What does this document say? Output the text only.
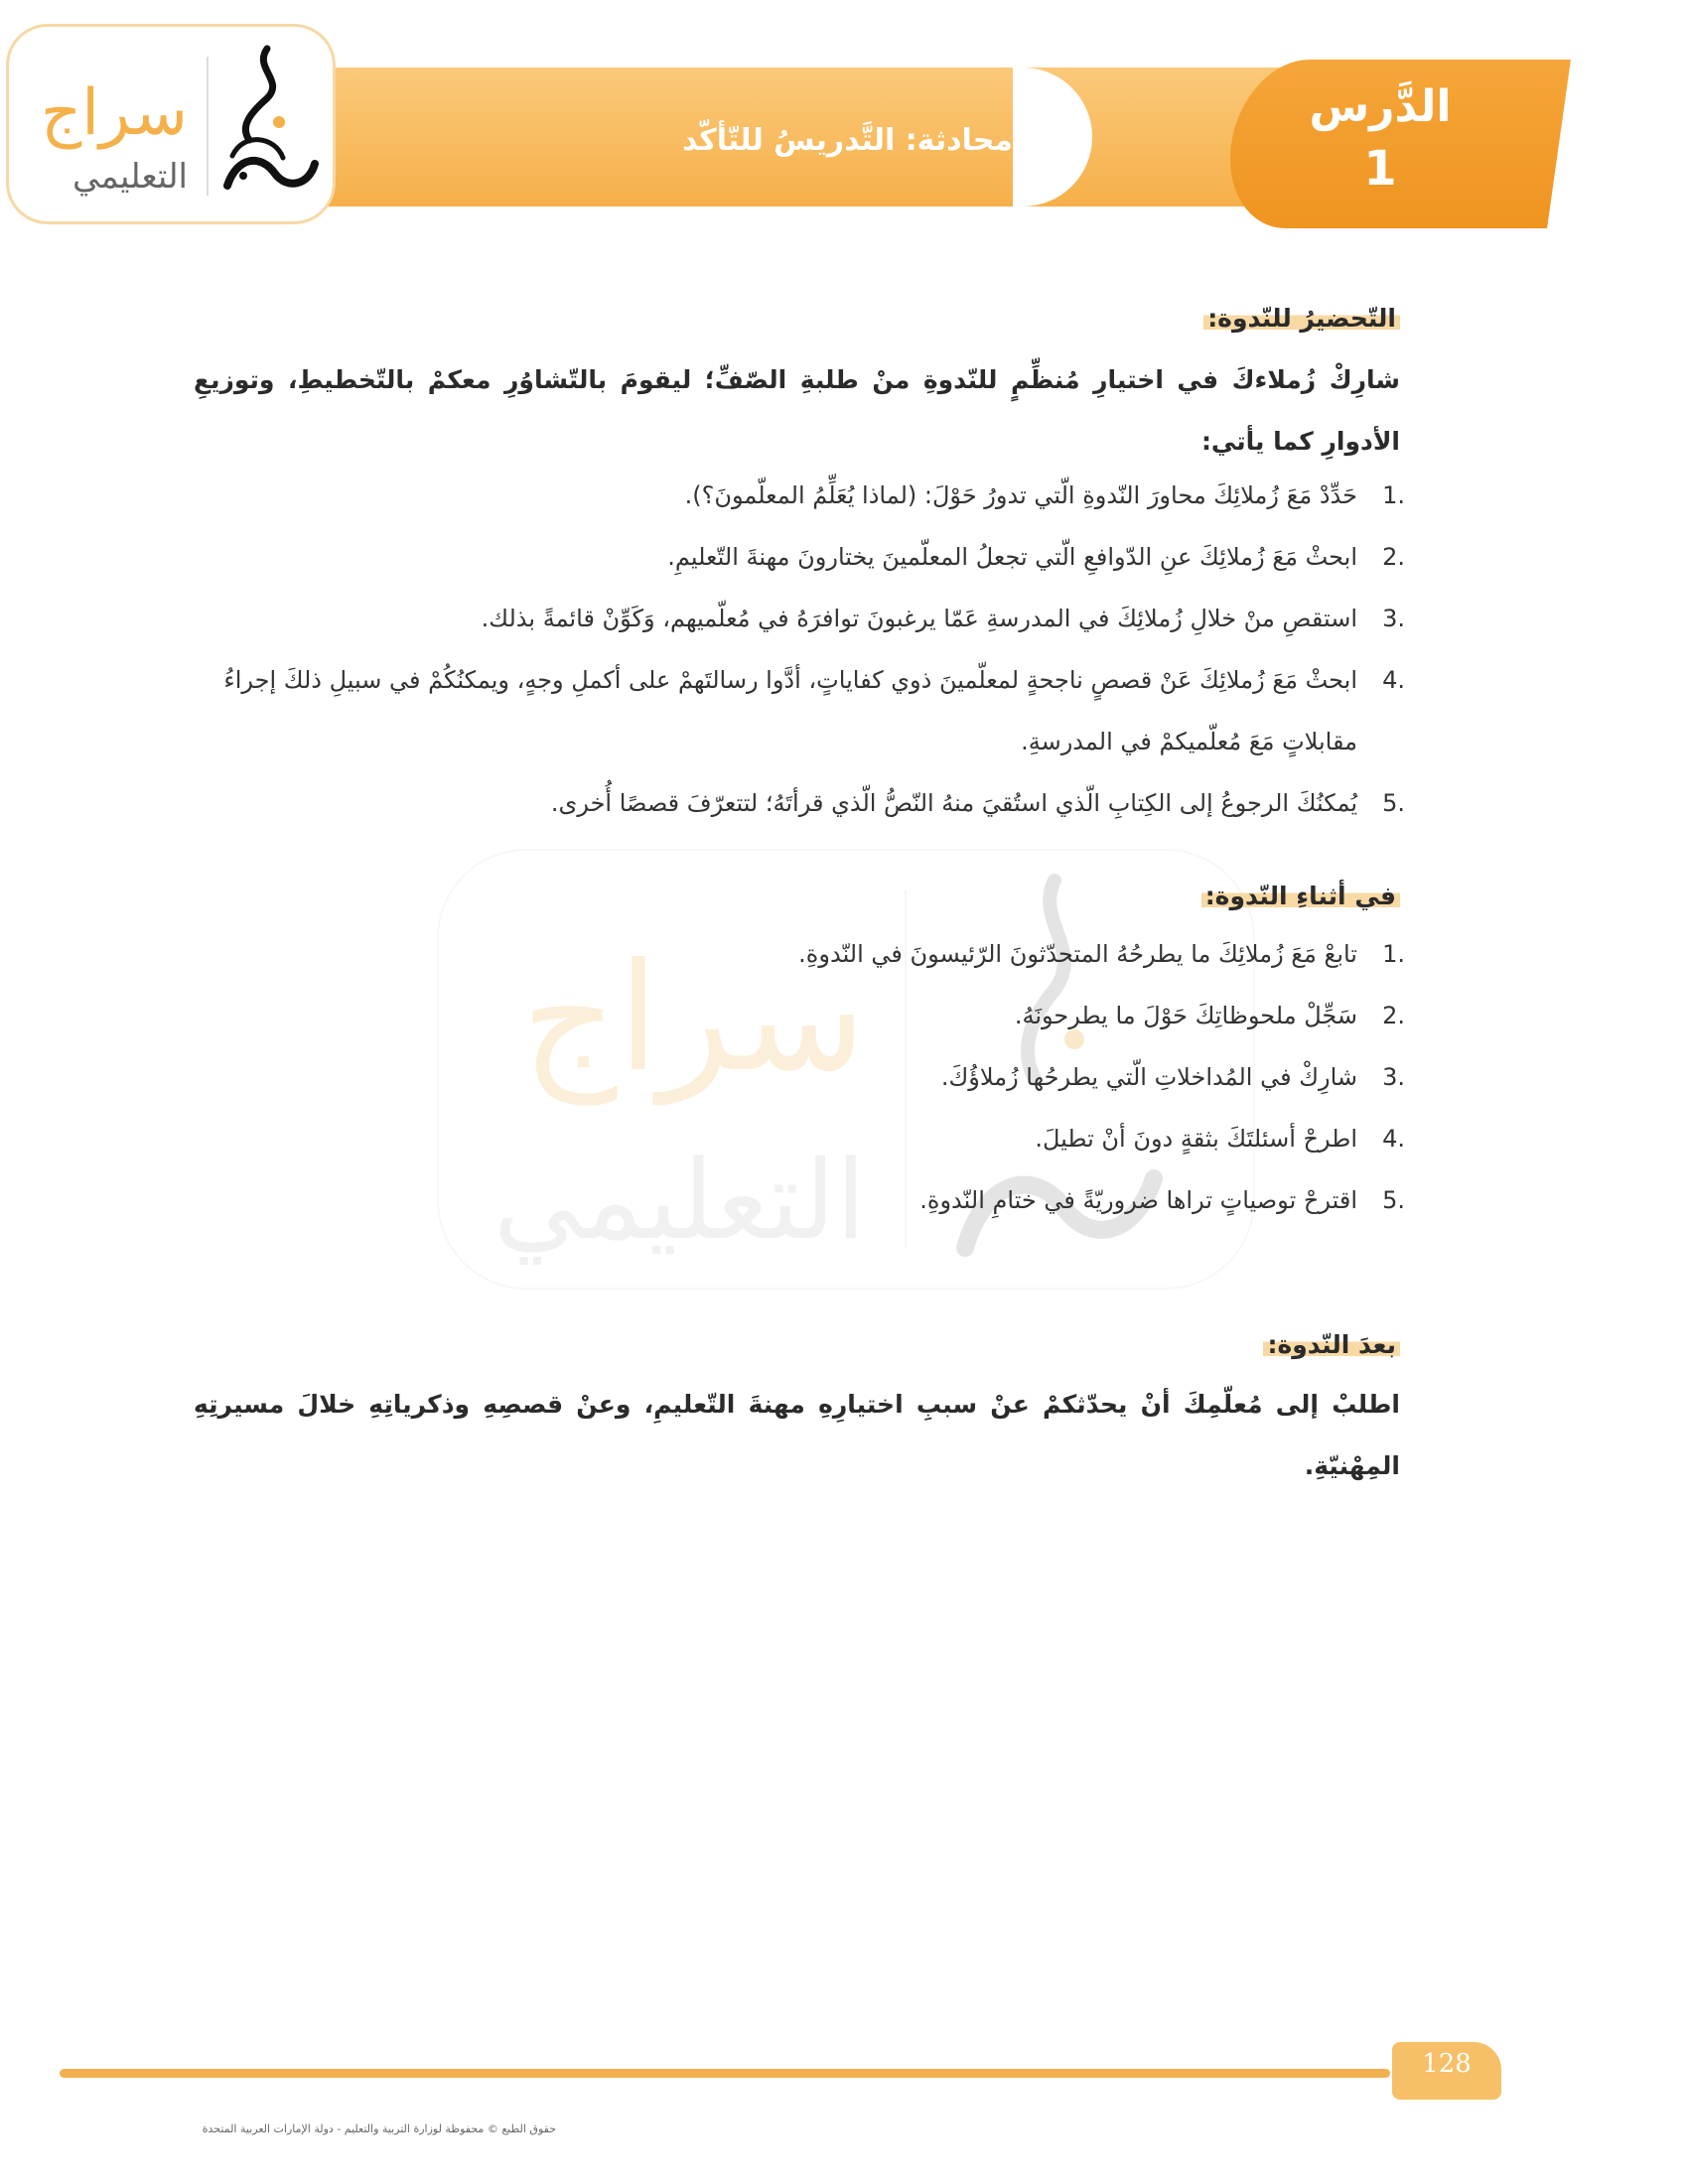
الدَّرس
1
محادثة: التَّدريسُ للتّأكّد
سراج
التعليمي
سراج
التعليمي
التّحضيرُ للنّدوة:
شارِكْ زُملاءكَ في اختيارِ مُنظِّمٍ للنّدوةِ منْ طلبةِ الصّفِّ؛ ليقومَ بالتّشاوُرِ معكمْ بالتّخطيطِ، وتوزيعِ الأدوارِ كما يأتي:
.1
حَدِّدْ مَعَ زُملائِكَ محاورَ النّدوةِ الّتي تدورُ حَوْلَ: (لماذا يُعَلِّمُ المعلّمونَ؟).
.2
ابحثْ مَعَ زُملائِكَ عنِ الدّوافعِ الّتي تجعلُ المعلّمينَ يختارونَ مهنةَ التّعليمِ.
.3
استقصِ منْ خلالِ زُملائِكَ في المدرسةِ عَمّا يرغبونَ توافرَهُ في مُعلّميهم، وَكَوِّنْ قائمةً بذلك.
.4
ابحثْ مَعَ زُملائِكَ عَنْ قصصٍ ناجحةٍ لمعلّمينَ ذوي كفاياتٍ، أدَّوا رسالتَهمْ على أكملِ وجهٍ، ويمكنُكُمْ في سبيلِ ذلكَ إجراءُ مقابلاتٍ مَعَ مُعلّميكمْ في المدرسةِ.
.5
يُمكنُكَ الرجوعُ إلى الكِتابِ الّذي استُقيَ منهُ النّصُّ الّذي قرأتَهُ؛ لتتعرّفَ قصصًا أُخرى.
في أثناءِ النّدوة:
.1
تابعْ مَعَ زُملائِكَ ما يطرحُهُ المتحدّثونَ الرّئيسونَ في النّدوةِ.
.2
سَجِّلْ ملحوظاتِكَ حَوْلَ ما يطرحونَهُ.
.3
شارِكْ في المُداخلاتِ الّتي يطرحُها زُملاؤُكَ.
.4
اطرحْ أسئلتَكَ بثقةٍ دونَ أنْ تطيلَ.
.5
اقترحْ توصياتٍ تراها ضروريّةً في ختامِ النّدوةِ.
بعدَ النّدوة:
اطلبْ إلى مُعلّمِكَ أنْ يحدّثكمْ عنْ سببِ اختيارِهِ مهنةَ التّعليمِ، وعنْ قصصِهِ وذكرياتِهِ خلالَ مسيرتِهِ المِهْنيّةِ.
128
حقوق الطبع © محفوظة لوزارة التربية والتعليم - دولة الإمارات العربية المتحدة
